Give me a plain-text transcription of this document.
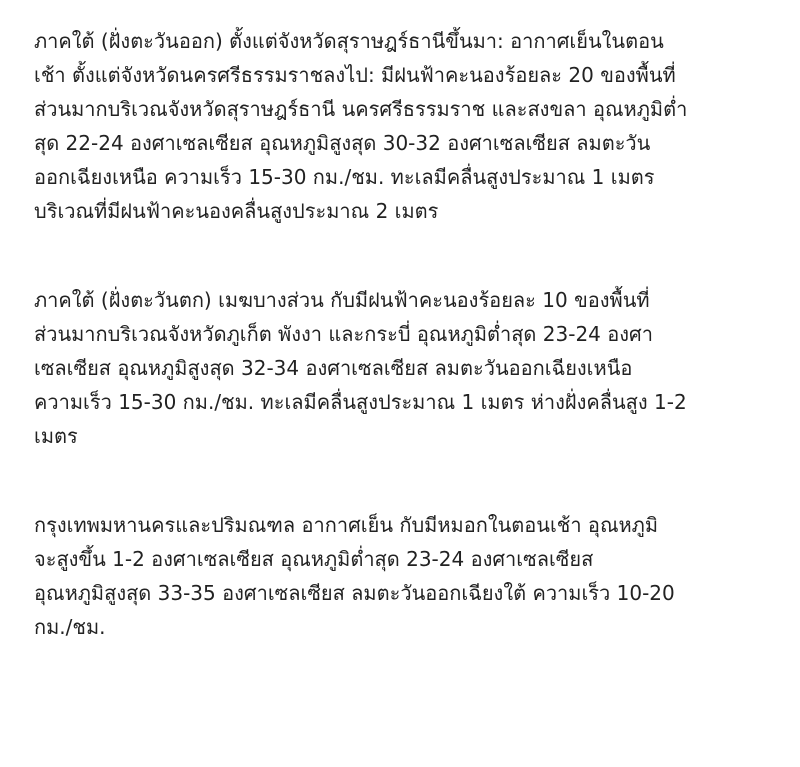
ภาคใต้ (ฝั่งตะวันออก) ตั้งแต่จังหวัดสุราษฎร์ธานีขึ้นมา: อากาศเย็นในตอน
เช้า ตั้งแต่จังหวัดนครศรีธรรมราชลงไป: มีฝนฟ้าคะนองร้อยละ 20 ของพื้นที่
ส่วนมากบริเวณจังหวัดสุราษฎร์ธานี นครศรีธรรมราช และสงขลา อุณหภูมิต่ำ
สุด 22-24 องศาเซลเซียส อุณหภูมิสูงสุด 30-32 องศาเซลเซียส ลมตะวัน
ออกเฉียงเหนือ ความเร็ว 15-30 กม./ชม. ทะเลมีคลื่นสูงประมาณ 1 เมตร
บริเวณที่มีฝนฟ้าคะนองคลื่นสูงประมาณ 2 เมตร

ภาคใต้ (ฝั่งตะวันตก) เมฆบางส่วน กับมีฝนฟ้าคะนองร้อยละ 10 ของพื้นที่
ส่วนมากบริเวณจังหวัดภูเก็ต พังงา และกระบี่ อุณหภูมิต่ำสุด 23-24 องศา
เซลเซียส อุณหภูมิสูงสุด 32-34 องศาเซลเซียส ลมตะวันออกเฉียงเหนือ
ความเร็ว 15-30 กม./ชม. ทะเลมีคลื่นสูงประมาณ 1 เมตร ห่างฝั่งคลื่นสูง 1-2
เมตร

กรุงเทพมหานครและปริมณฑล อากาศเย็น กับมีหมอกในตอนเช้า อุณหภูมิ
จะสูงขึ้น 1-2 องศาเซลเซียส อุณหภูมิต่ำสุด 23-24 องศาเซลเซียส
อุณหภูมิสูงสุด 33-35 องศาเซลเซียส ลมตะวันออกเฉียงใต้ ความเร็ว 10-20
กม./ชม.
